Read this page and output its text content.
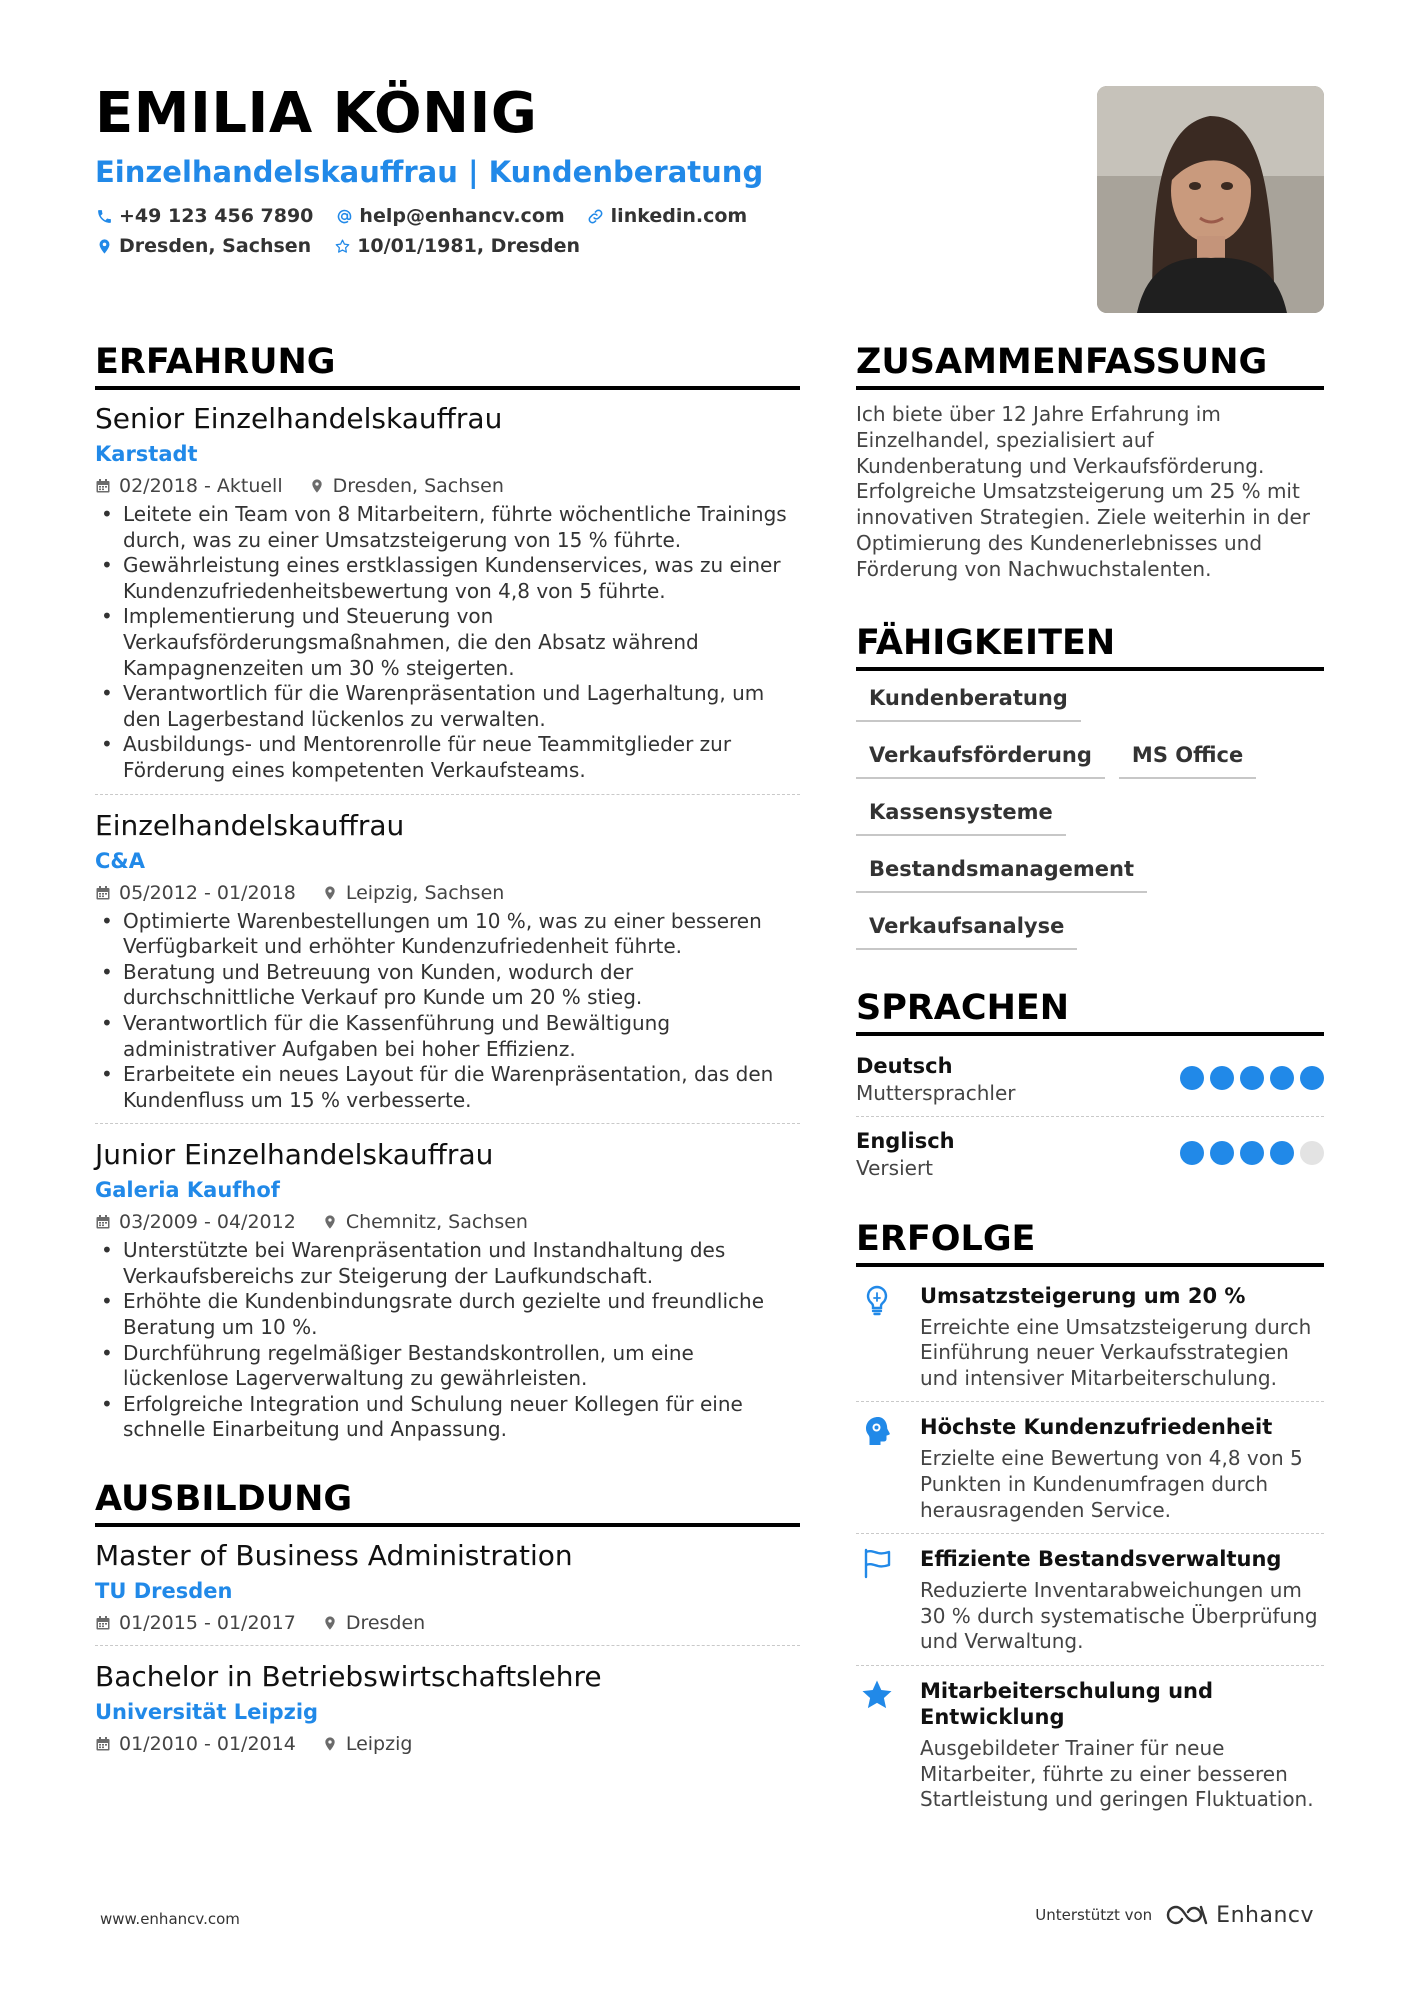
EMILIA KÖNIG
Einzelhandelskauffrau | Kundenberatung
+49 123 456 7890 help@enhancv.com linkedin.com
Dresden, Sachsen 10/01/1981, Dresden
ERFAHRUNG
Senior Einzelhandelskauffrau
Karstadt
02/2018 - Aktuell	Dresden, Sachsen
• Leitete ein Team von 8 Mitarbeitern, führte wöchentliche Trainings durch, was zu einer Umsatzsteigerung von 15 % führte.
• Gewährleistung eines erstklassigen Kundenservices, was zu einer Kundenzufriedenheitsbewertung von 4,8 von 5 führte.
• Implementierung und Steuerung von Verkaufsförderungsmaßnahmen, die den Absatz während Kampagnenzeiten um 30 % steigerten.
• Verantwortlich für die Warenpräsentation und Lagerhaltung, um den Lagerbestand lückenlos zu verwalten.
• Ausbildungs- und Mentorenrolle für neue Teammitglieder zur Förderung eines kompetenten Verkaufsteams.
Einzelhandelskauffrau
C&A
05/2012 - 01/2018	Leipzig, Sachsen
• Optimierte Warenbestellungen um 10 %, was zu einer besseren Verfügbarkeit und erhöhter Kundenzufriedenheit führte.
• Beratung und Betreuung von Kunden, wodurch der durchschnittliche Verkauf pro Kunde um 20 % stieg.
• Verantwortlich für die Kassenführung und Bewältigung administrativer Aufgaben bei hoher Effizienz.
• Erarbeitete ein neues Layout für die Warenpräsentation, das den Kundenfluss um 15 % verbesserte.
Junior Einzelhandelskauffrau
Galeria Kaufhof
03/2009 - 04/2012	Chemnitz, Sachsen
• Unterstützte bei Warenpräsentation und Instandhaltung des Verkaufsbereichs zur Steigerung der Laufkundschaft.
• Erhöhte die Kundenbindungsrate durch gezielte und freundliche Beratung um 10 %.
• Durchführung regelmäßiger Bestandskontrollen, um eine lückenlose Lagerverwaltung zu gewährleisten.
• Erfolgreiche Integration und Schulung neuer Kollegen für eine schnelle Einarbeitung und Anpassung.
AUSBILDUNG
Master of Business Administration
TU Dresden
01/2015 - 01/2017	Dresden
Bachelor in Betriebswirtschaftslehre
Universität Leipzig
01/2010 - 01/2014	Leipzig
ZUSAMMENFASSUNG
Ich biete über 12 Jahre Erfahrung im Einzelhandel, spezialisiert auf Kundenberatung und Verkaufsförderung. Erfolgreiche Umsatzsteigerung um 25 % mit innovativen Strategien. Ziele weiterhin in der Optimierung des Kundenerlebnisses und Förderung von Nachwuchstalenten.
FÄHIGKEITEN
Kundenberatung
Verkaufsförderung	MS Office
Kassensysteme
Bestandsmanagement
Verkaufsanalyse
SPRACHEN
Deutsch
Muttersprachler
Englisch
Versiert
ERFOLGE
Umsatzsteigerung um 20 %
Erreichte eine Umsatzsteigerung durch Einführung neuer Verkaufsstrategien und intensiver Mitarbeiterschulung.
Höchste Kundenzufriedenheit
Erzielte eine Bewertung von 4,8 von 5 Punkten in Kundenumfragen durch herausragenden Service.
Effiziente Bestandsverwaltung
Reduzierte Inventarabweichungen um 30 % durch systematische Überprüfung und Verwaltung.
Mitarbeiterschulung und Entwicklung
Ausgebildeter Trainer für neue Mitarbeiter, führte zu einer besseren Startleistung und geringen Fluktuation.
www.enhancv.com	Unterstützt von	Enhancv
